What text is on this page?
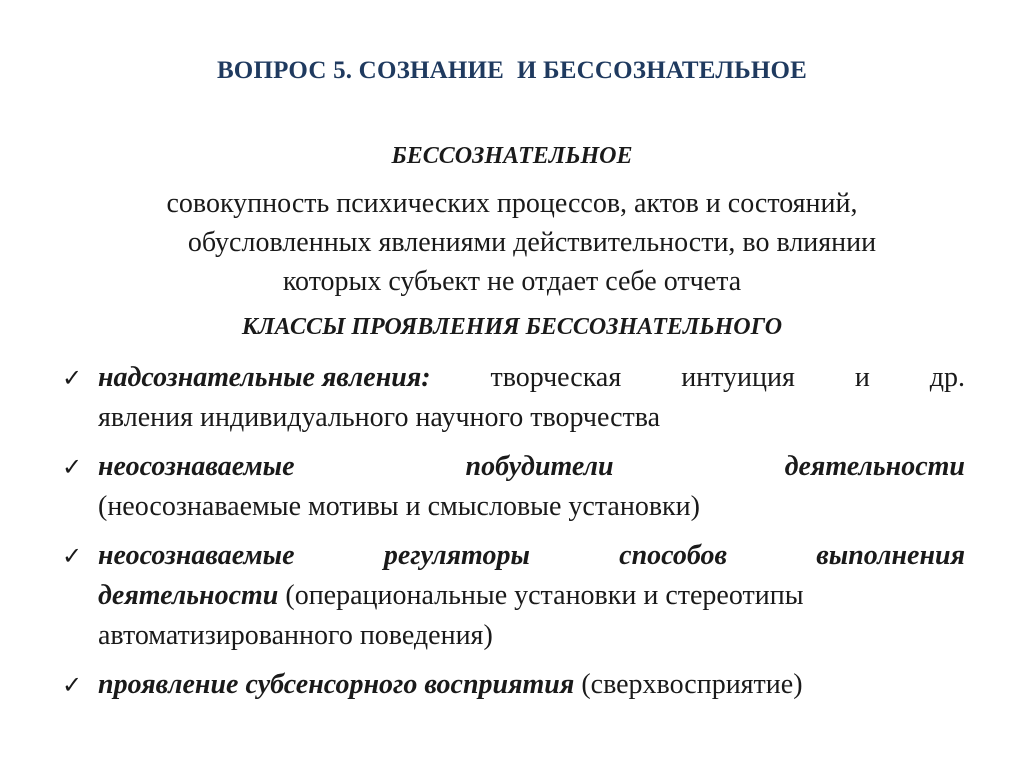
ВОПРОС 5. СОЗНАНИЕ  И БЕССОЗНАТЕЛЬНОЕ
БЕССОЗНАТЕЛЬНОЕ
совокупность психических процессов, актов и состояний,
обусловленных явлениями действительности, во влиянии
которых субъект не отдает себе отчета
КЛАССЫ ПРОЯВЛЕНИЯ БЕССОЗНАТЕЛЬНОГО
✓ надсознательные явления: творческая интуиция и др.
явления индивидуального научного творчества
✓ неосознаваемые	побудители	деятельности
(неосознаваемые мотивы и смысловые установки)
✓ неосознаваемые	регуляторы	способов	выполнения
деятельности (операциональные установки и стереотипы
автоматизированного поведения)
✓ проявление субсенсорного восприятия (сверхвосприятие)
